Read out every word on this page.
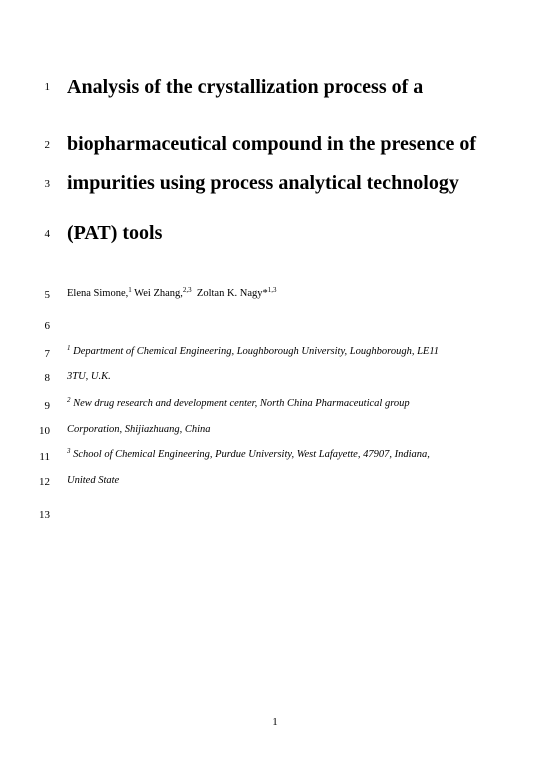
1
2
3
4
5
6
7
8
9
10
11
12
13
Analysis of the crystallization process of a
biopharmaceutical compound in the presence of
impurities using process analytical technology
(PAT) tools
Elena Simone,$^1$ Wei Zhang,$^{2,3}$  Zoltan K. Nagy*$^{1,3}$
$^1$ Department of Chemical Engineering, Loughborough University, Loughborough, LE11
3TU, U.K.
$^2$ New drug research and development center, North China Pharmaceutical group
Corporation, Shijiazhuang, China
$^3$ School of Chemical Engineering, Purdue University, West Lafayette, 47907, Indiana,
United State
1
